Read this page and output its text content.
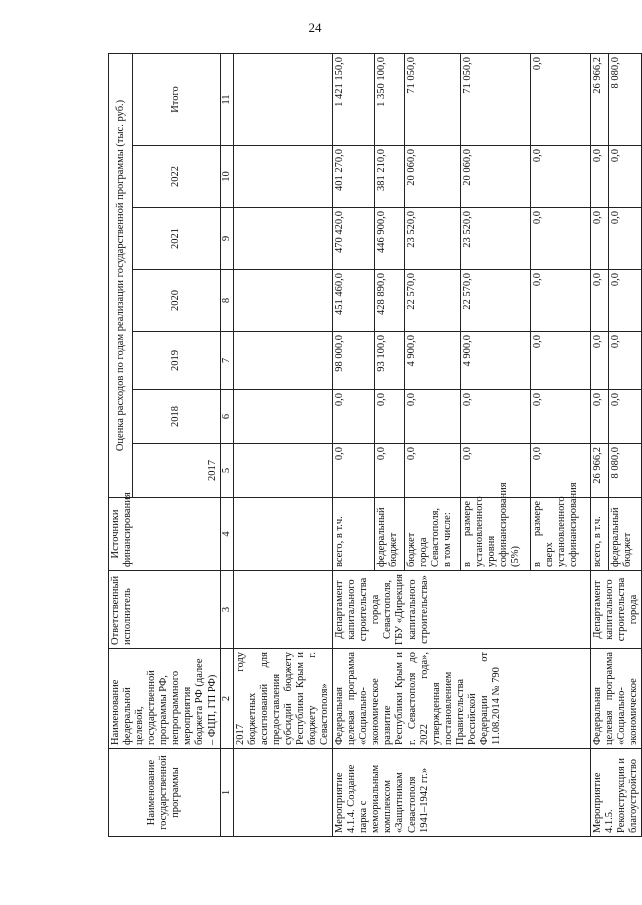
24
Наименование государственной программы	Наименование федеральной целевой, государственной программы РФ, непрограммного мероприятия бюджета РФ (далее – ФЦП, ГП РФ)	Ответственный исполнитель	Источники финансирования	Оценка расходов по годам реализации государственной программы (тыс. руб.)						
				2017	2018	2019	2020	2021	2022	Итого
1	2	3	4	5	6	7	8	9	10	11
	2017 году бюджетных ассигнований для предоставления субсидий бюджету Республики Крым и бюджету г. Севастополя»									
Мероприятие 4.1.4. Создание парка с мемориальным комплексом «Защитникам Севастополя 1941–1942 гг.»	Федеральная целевая программа «Социально-экономическое развитие Республики Крым и г. Севастополя до 2022 года», утвержденная постановлением Правительства Российской Федерации от 11.08.2014 № 790	Департамент капитального строительства города Севастополя, ГБУ «Дирекция капитального строительства»	всего, в т.ч.	0,0	0,0	98 000,0	451 460,0	470 420,0	401 270,0	1 421 150,0
			федеральный бюджет	0,0	0,0	93 100,0	428 890,0	446 900,0	381 210,0	1 350 100,0
			бюджет города Севастополя, в том числе:	0,0	0,0	4 900,0	22 570,0	23 520,0	20 060,0	71 050,0
			в размере установленного уровня софинансирования (5%)	0,0	0,0	4 900,0	22 570,0	23 520,0	20 060,0	71 050,0
			в размере сверх установленного софинансирования	0,0	0,0	0,0	0,0	0,0	0,0	0,0
Мероприятие 4.1.5. Реконструкция и благоустройство	Федеральная целевая программа «Социально-экономическое	Департамент капитального строительства города	всего, в т.ч.	26 966,2	0,0	0,0	0,0	0,0	0,0	26 966,2
			федеральный бюджет	8 080,0	0,0	0,0	0,0	0,0	0,0	8 080,0
